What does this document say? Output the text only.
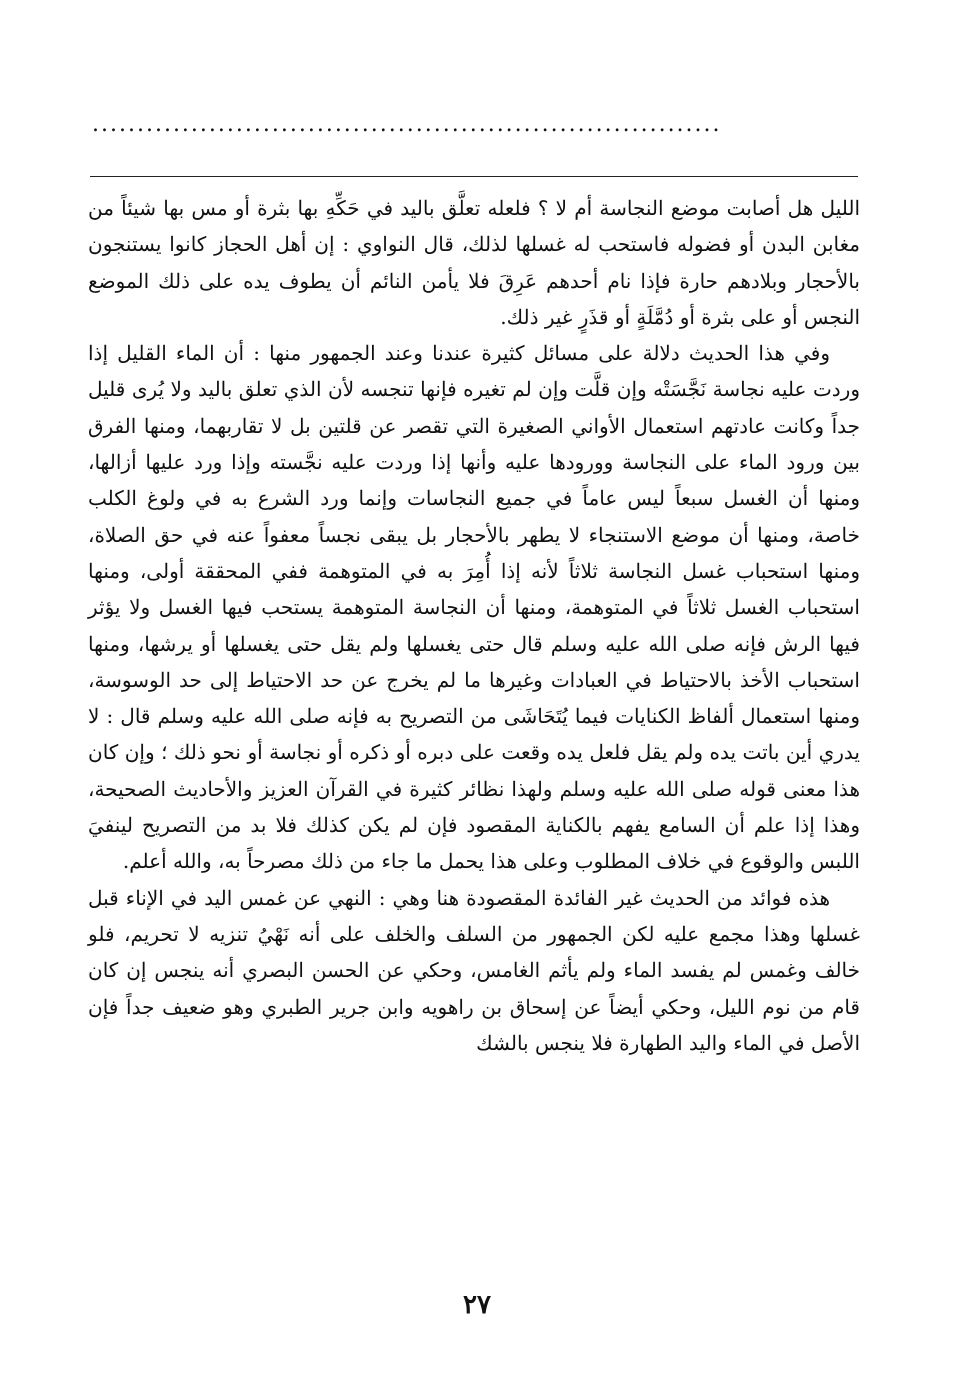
......................................................................

الليل هل أصابت موضع النجاسة أم لا ؟ فلعله تعلَّق باليد في حَكِّهِ بها بثرة أو مس بها شيئاً من مغابن البدن أو فضوله فاستحب له غسلها لذلك، قال النواوي : إن أهل الحجاز كانوا يستنجون بالأحجار وبلادهم حارة فإذا نام أحدهم عَرِقَ فلا يأمن النائم أن يطوف يده على ذلك الموضع النجس أو على بثرة أو دُمَّلَةٍ أو قذَرٍ غير ذلك.

وفي هذا الحديث دلالة على مسائل كثيرة عندنا وعند الجمهور منها : أن الماء القليل إذا وردت عليه نجاسة نَجَّسَتْه وإن قلَّت وإن لم تغيره فإنها تنجسه لأن الذي تعلق باليد ولا يُرى قليل جداً وكانت عادتهم استعمال الأواني الصغيرة التي تقصر عن قلتين بل لا تقاربهما، ومنها الفرق بين ورود الماء على النجاسة وورودها عليه وأنها إذا وردت عليه نجَّسته وإذا ورد عليها أزالها، ومنها أن الغسل سبعاً ليس عاماً في جميع النجاسات وإنما ورد الشرع به في ولوغ الكلب خاصة، ومنها أن موضع الاستنجاء لا يطهر بالأحجار بل يبقى نجساً معفواً عنه في حق الصلاة، ومنها استحباب غسل النجاسة ثلاثاً لأنه إذا أُمِرَ به في المتوهمة ففي المحققة أولى، ومنها استحباب الغسل ثلاثاً في المتوهمة، ومنها أن النجاسة المتوهمة يستحب فيها الغسل ولا يؤثر فيها الرش فإنه صلى الله عليه وسلم قال حتى يغسلها ولم يقل حتى يغسلها أو يرشها، ومنها استحباب الأخذ بالاحتياط في العبادات وغيرها ما لم يخرج عن حد الاحتياط إلى حد الوسوسة، ومنها استعمال ألفاظ الكنايات فيما يُتَحَاشَى من التصريح به فإنه صلى الله عليه وسلم قال : لا يدري أين باتت يده ولم يقل فلعل يده وقعت على دبره أو ذكره أو نجاسة أو نحو ذلك ؛ وإن كان هذا معنى قوله صلى الله عليه وسلم ولهذا نظائر كثيرة في القرآن العزيز والأحاديث الصحيحة، وهذا إذا علم أن السامع يفهم بالكناية المقصود فإن لم يكن كذلك فلا بد من التصريح لينفيَ اللبس والوقوع في خلاف المطلوب وعلى هذا يحمل ما جاء من ذلك مصرحاً به، والله أعلم.

هذه فوائد من الحديث غير الفائدة المقصودة هنا وهي : النهي عن غمس اليد في الإناء قبل غسلها وهذا مجمع عليه لكن الجمهور من السلف والخلف على أنه نَهْيُ تنزيه لا تحريم، فلو خالف وغمس لم يفسد الماء ولم يأثم الغامس، وحكي عن الحسن البصري أنه ينجس إن كان قام من نوم الليل، وحكي أيضاً عن إسحاق بن راهويه وابن جرير الطبري وهو ضعيف جداً فإن الأصل في الماء واليد الطهارة فلا ينجس بالشك

٢٧
